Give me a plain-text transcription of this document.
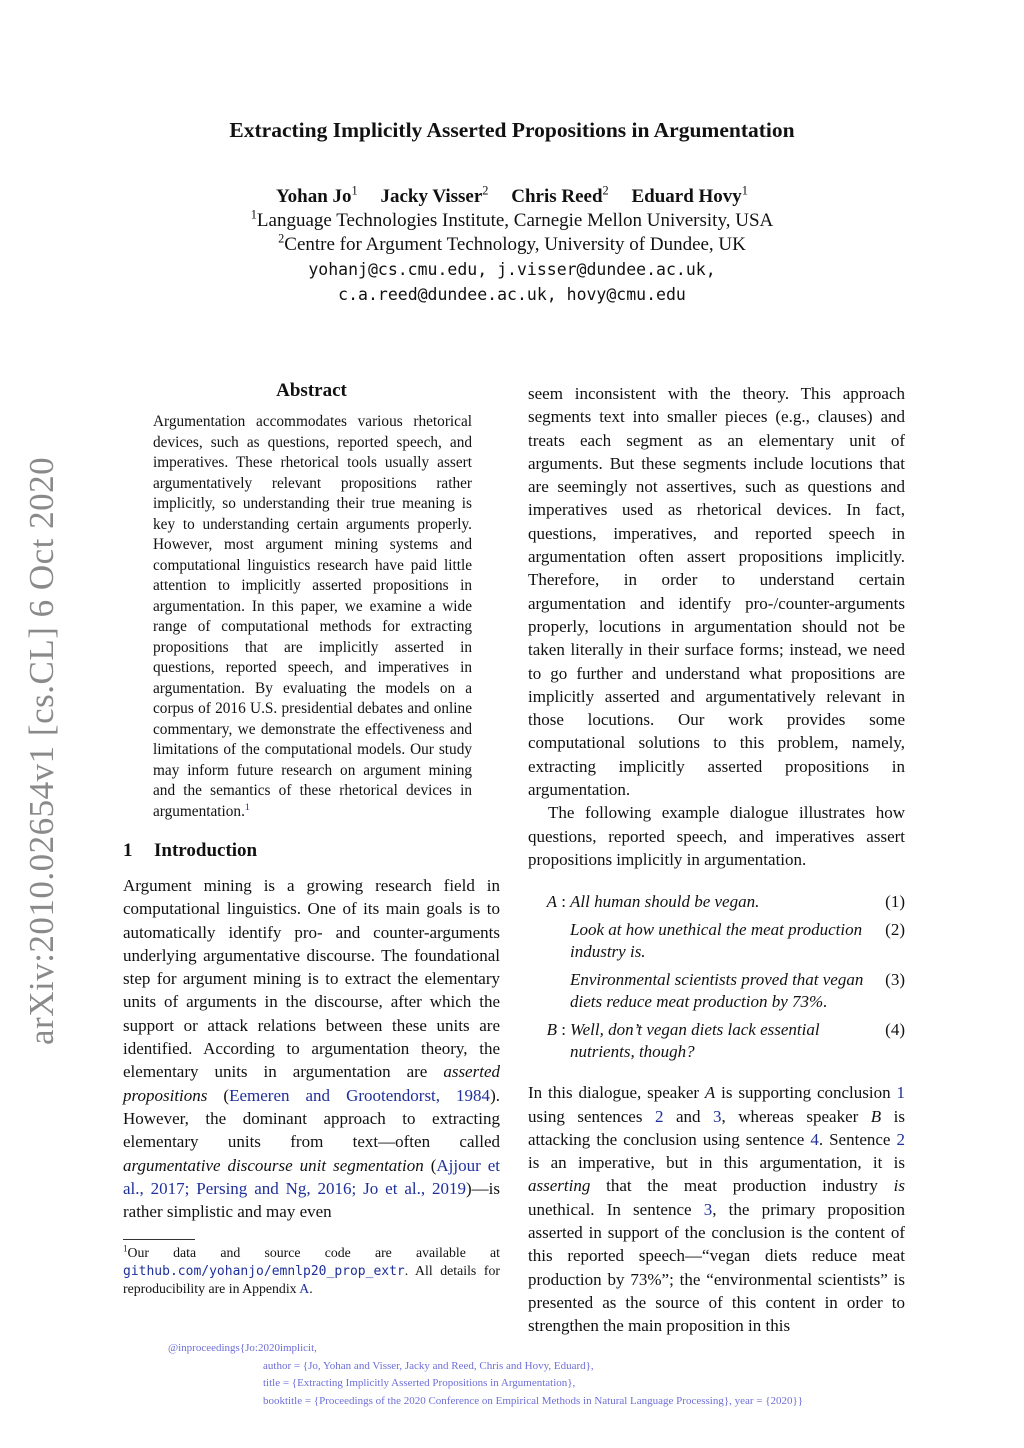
arXiv:2010.02654v1 [cs.CL] 6 Oct 2020
Extracting Implicitly Asserted Propositions in Argumentation
Yohan Jo$^1$ Jacky Visser$^2$ Chris Reed$^2$ Eduard Hovy$^1$
$^1$Language Technologies Institute, Carnegie Mellon University, USA
$^2$Centre for Argument Technology, University of Dundee, UK
yohanj@cs.cmu.edu, j.visser@dundee.ac.uk,
c.a.reed@dundee.ac.uk, hovy@cmu.edu
Abstract
Argumentation accommodates various rhetorical devices, such as questions, reported speech, and imperatives. These rhetorical tools usually assert argumentatively relevant propositions rather implicitly, so understanding their true meaning is key to understanding certain arguments properly. However, most argument mining systems and computational linguistics research have paid little attention to implicitly asserted propositions in argumentation. In this paper, we examine a wide range of computational methods for extracting propositions that are implicitly asserted in questions, reported speech, and imperatives in argumentation. By evaluating the models on a corpus of 2016 U.S. presidential debates and online commentary, we demonstrate the effectiveness and limitations of the computational models. Our study may inform future research on argument mining and the semantics of these rhetorical devices in argumentation.$^1$
1 Introduction

Argument mining is a growing research field in computational linguistics. One of its main goals is to automatically identify pro- and counter-arguments underlying argumentative discourse. The foundational step for argument mining is to extract the elementary units of arguments in the discourse, after which the support or attack relations between these units are identified. According to argumentation theory, the elementary units in argumentation are asserted propositions (Eemeren and Grootendorst, 1984). However, the dominant approach to extracting elementary units from text—often called argumentative discourse unit segmentation (Ajjour et al., 2017; Persing and Ng, 2016; Jo et al., 2019)—is rather simplistic and may even

$^1$Our data and source code are available at github.com/yohanjo/emnlp20_prop_extr. All details for reproducibility are in Appendix A.

seem inconsistent with the theory. This approach segments text into smaller pieces (e.g., clauses) and treats each segment as an elementary unit of arguments. But these segments include locutions that are seemingly not assertives, such as questions and imperatives used as rhetorical devices. In fact, questions, imperatives, and reported speech in argumentation often assert propositions implicitly. Therefore, in order to understand certain argumentation and identify pro-/counter-arguments properly, locutions in argumentation should not be taken literally in their surface forms; instead, we need to go further and understand what propositions are implicitly asserted and argumentatively relevant in those locutions. Our work provides some computational solutions to this problem, namely, extracting implicitly asserted propositions in argumentation.

The following example dialogue illustrates how questions, reported speech, and imperatives assert propositions implicitly in argumentation.

A : All human should be vegan.	(1)
Look at how unethical the meat production industry is.
(2)
Environmental scientists proved that vegan diets reduce meat production by 73%.
(3)
B : Well, don’t vegan diets lack essential nutrients, though?
(4)

In this dialogue, speaker A is supporting conclusion 1 using sentences 2 and 3, whereas speaker B is attacking the conclusion using sentence 4. Sentence 2 is an imperative, but in this argumentation, it is asserting that the meat production industry is unethical. In sentence 3, the primary proposition asserted in support of the conclusion is the content of this reported speech—“vegan diets reduce meat production by 73%”; the “environmental scientists” is presented as the source of this content in order to strengthen the main proposition in this

@inproceedings{Jo:2020implicit,
author = {Jo, Yohan and Visser, Jacky and Reed, Chris and Hovy, Eduard},
title = {Extracting Implicitly Asserted Propositions in Argumentation},
booktitle = {Proceedings of the 2020 Conference on Empirical Methods in Natural Language Processing}, year = {2020}}
